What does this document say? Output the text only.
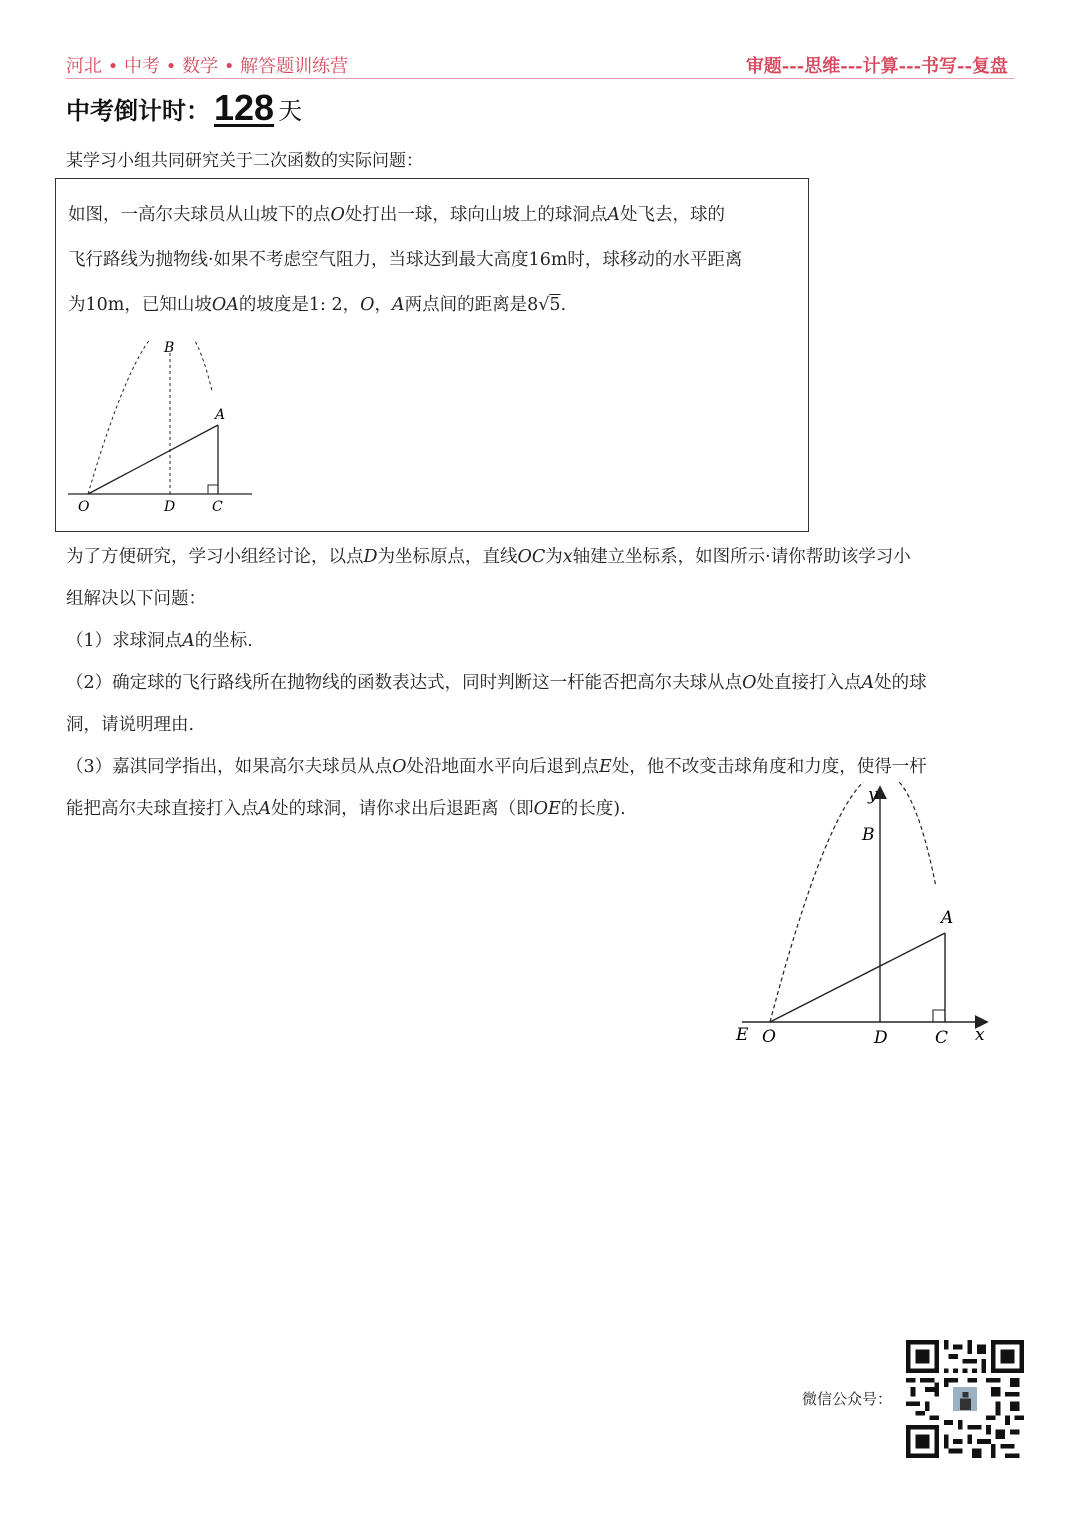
河北 • 中考 • 数学 • 解答题训练营	审题---思维---计算---书写--复盘
中考倒计时： 128 天
某学习小组共同研究关于二次函数的实际问题：
如图，一高尔夫球员从山坡下的点O处打出一球，球向山坡上的球洞点A处飞去，球的
飞行路线为抛物线·如果不考虑空气阻力，当球达到最大高度16m时，球移动的水平距离
为10m，已知山坡OA的坡度是1: 2，O，A两点间的距离是8√5.
B
A
O	D	C
为了方便研究，学习小组经讨论，以点D为坐标原点，直线OC为x轴建立坐标系，如图所示·请你帮助该学习小
组解决以下问题：
（1）求球洞点A的坐标.
（2）确定球的飞行路线所在抛物线的函数表达式，同时判断这一杆能否把高尔夫球从点O处直接打入点A处的球
洞，请说明理由.
（3）嘉淇同学指出，如果高尔夫球员从点O处沿地面水平向后退到点E处，他不改变击球角度和力度，使得一杆
能把高尔夫球直接打入点A处的球洞，请你求出后退距离（即OE的长度).
y
B
A
E O	D	C x
微信公众号：
